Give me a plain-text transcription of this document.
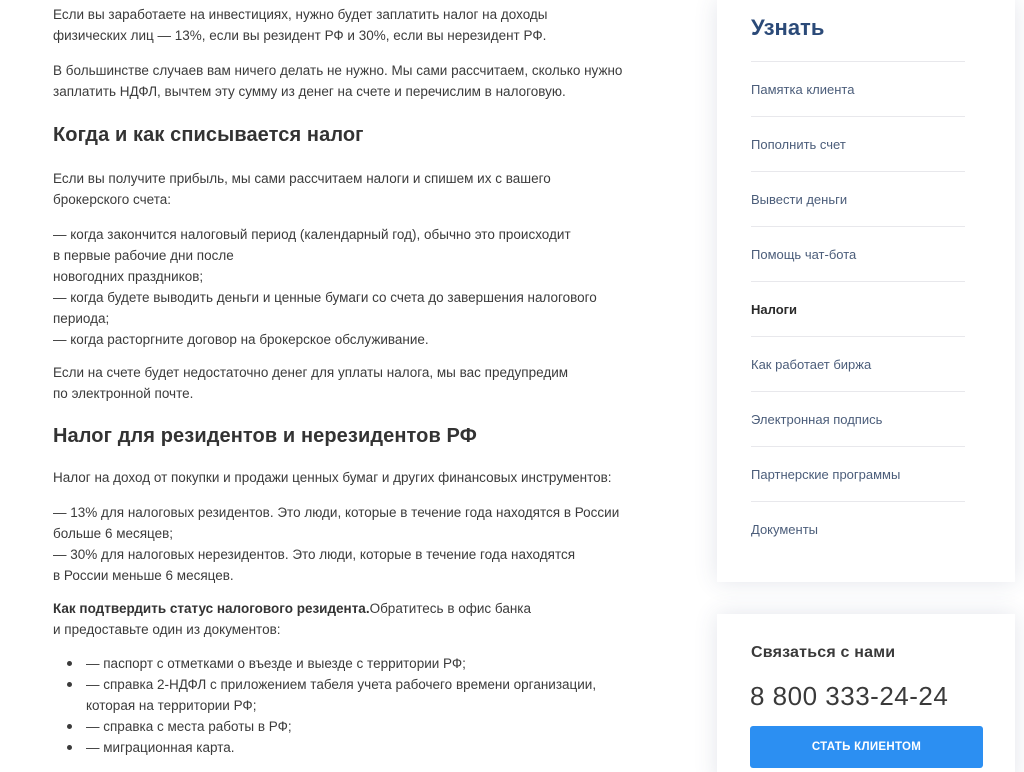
Если вы заработаете на инвестициях, нужно будет заплатить налог на доходы физических лиц — 13%, если вы резидент РФ и 30%, если вы нерезидент РФ.

В большинстве случаев вам ничего делать не нужно. Мы сами рассчитаем, сколько нужно заплатить НДФЛ, вычтем эту сумму из денег на счете и перечислим в налоговую.

Когда и как списывается налог

Если вы получите прибыль, мы сами рассчитаем налоги и спишем их с вашего брокерского счета:

— когда закончится налоговый период (календарный год), обычно это происходит
в первые рабочие дни после
новогодних праздников;
— когда будете выводить деньги и ценные бумаги со счета до завершения налогового
периода;
— когда расторгните договор на брокерское обслуживание.

Если на счете будет недостаточно денег для уплаты налога, мы вас предупредим
по электронной почте.

Налог для резидентов и нерезидентов РФ

Налог на доход от покупки и продажи ценных бумаг и других финансовых инструментов:

— 13% для налоговых резидентов. Это люди, которые в течение года находятся в России
больше 6 месяцев;
— 30% для налоговых нерезидентов. Это люди, которые в течение года находятся
в России меньше 6 месяцев.

Как подтвердить статус налогового резидента.Обратитесь в офис банка
и предоставьте один из документов:

— паспорт с отметками о въезде и выезде с территории РФ;
— справка 2-НДФЛ с приложением табеля учета рабочего времени организации,
которая на территории РФ;
— справка с места работы в РФ;
— миграционная карта.
Узнать
Памятка клиента
Пополнить счет
Вывести деньги
Помощь чат-бота
Налоги
Как работает биржа
Электронная подпись
Партнерские программы
Документы
Связаться с нами
8 800 333-24-24
СТАТЬ КЛИЕНТОМ
